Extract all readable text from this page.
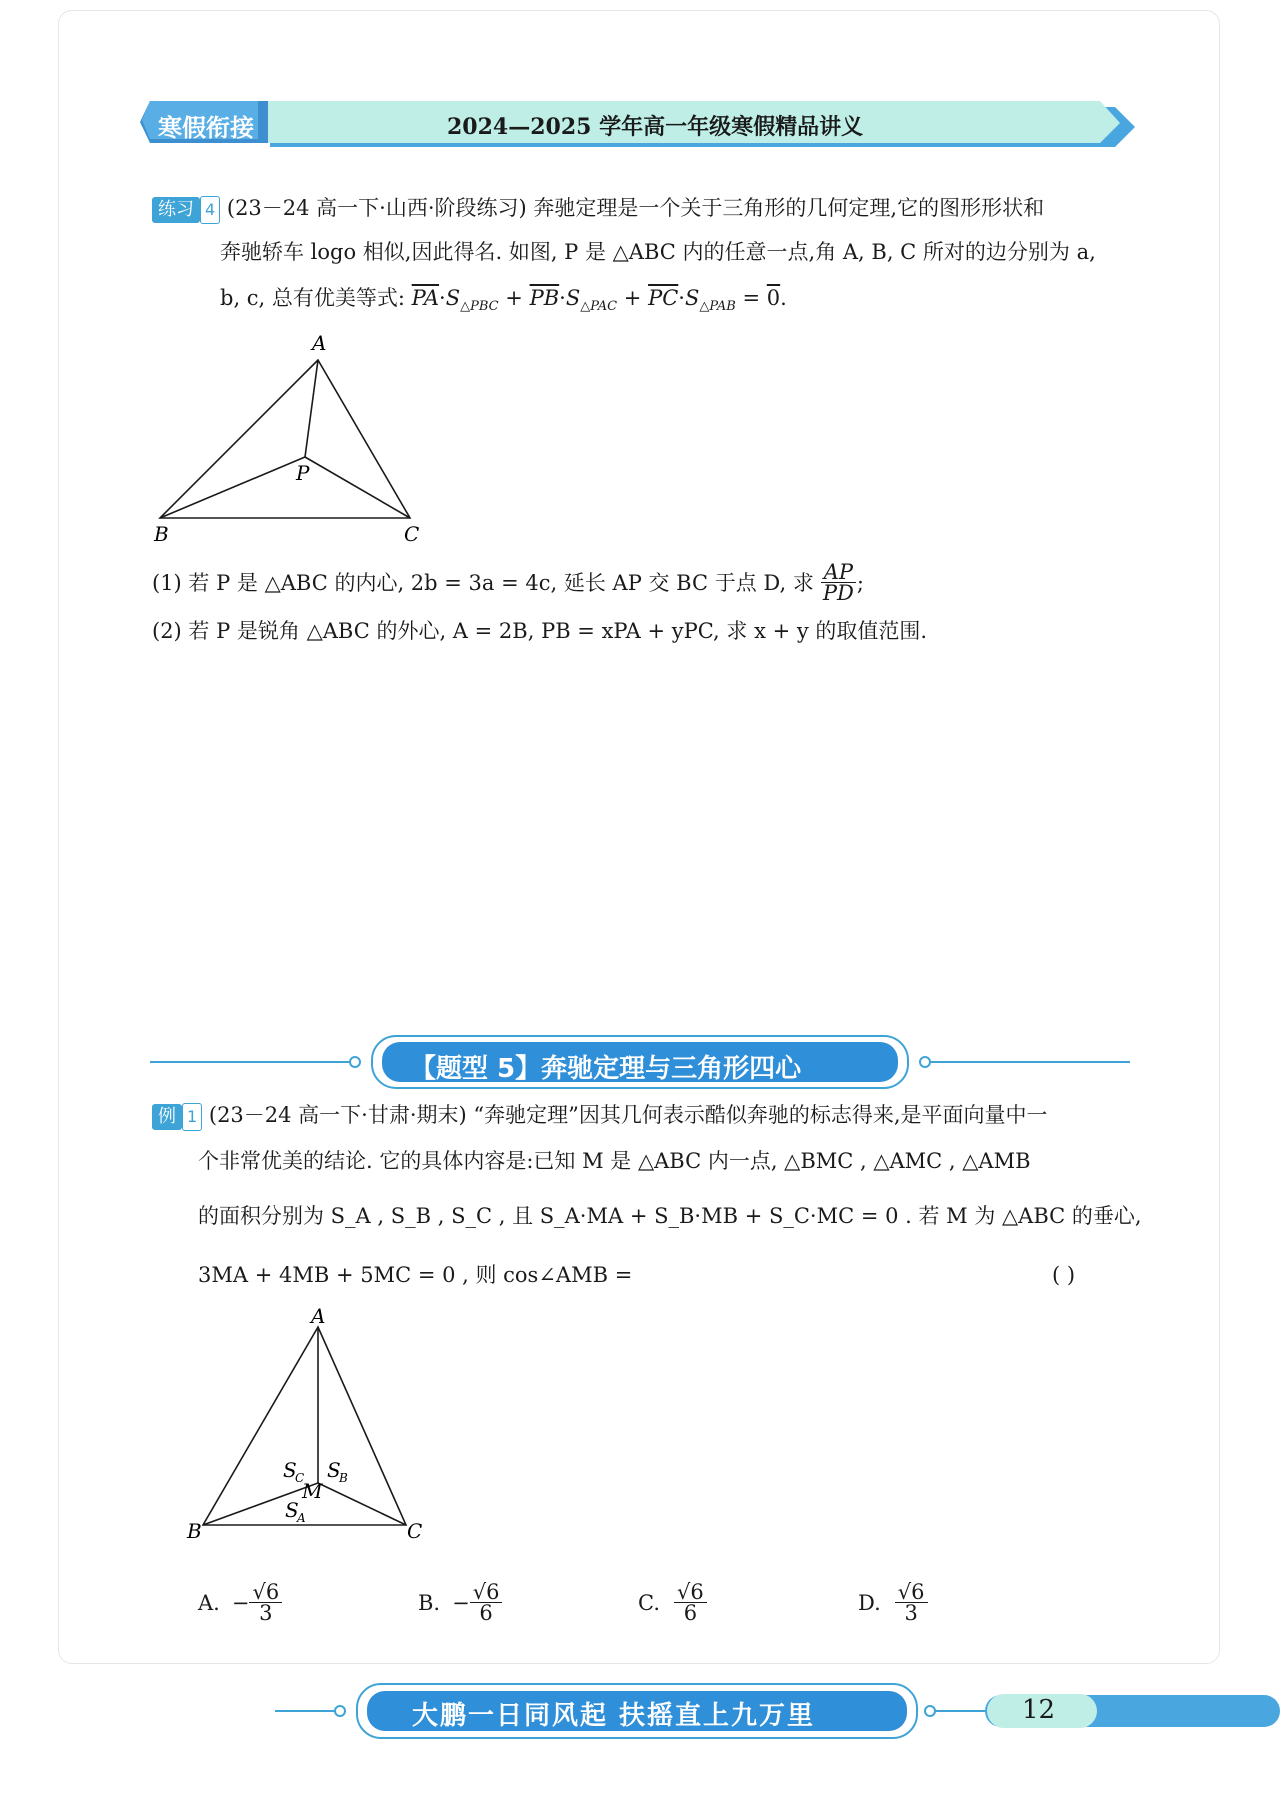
寒假衔接	2024—2025 学年高一年级寒假精品讲义
练习 4 (23－24 高一下·山西·阶段练习) 奔驰定理是一个关于三角形的几何定理,它的图形形状和
奔驰轿车 logo 相似,因此得名. 如图, P 是 △ABC 内的任意一点,角 A, B, C 所对的边分别为 a,
b, c, 总有优美等式: $\overline{PA}\cdot S_{\triangle PBC} + \overline{PB}\cdot S_{\triangle PAC} + \overline{PC}\cdot S_{\triangle PAB} = 0$.
A
B	C
P
(1) 若 P 是 △ABC 的内心, 2b = 3a = 4c, 延长 AP 交 BC 于点 D, 求 $\frac{AP}{PD}$ ;
(2) 若 P 是锐角 △ABC 的外心, A = 2B, PB = xPA + yPC, 求 x + y 的取值范围.
【题型 5】奔驰定理与三角形四心
例 1 (23－24 高一下·甘肃·期末) “奔驰定理”因其几何表示酷似奔驰的标志得来,是平面向量中一
个非常优美的结论. 它的具体内容是:已知 M 是 △ABC 内一点, △BMC , △AMC , △AMB
的面积分别为 S_A , S_B , S_C , 且 S_A·MA + S_B·MB + S_C·MC = 0 . 若 M 为 △ABC 的垂心,
3MA + 4MB + 5MC = 0 , 则 cos∠AMB =	( )
A
B	C
M
S
C S
B
S
A
A. − $\frac{√6}{3}$	B. − $\frac{√6}{6}$	C. $\frac{√6}{6}$	D. $\frac{√6}{3}$
大鹏一日同风起 扶摇直上九万里	12
